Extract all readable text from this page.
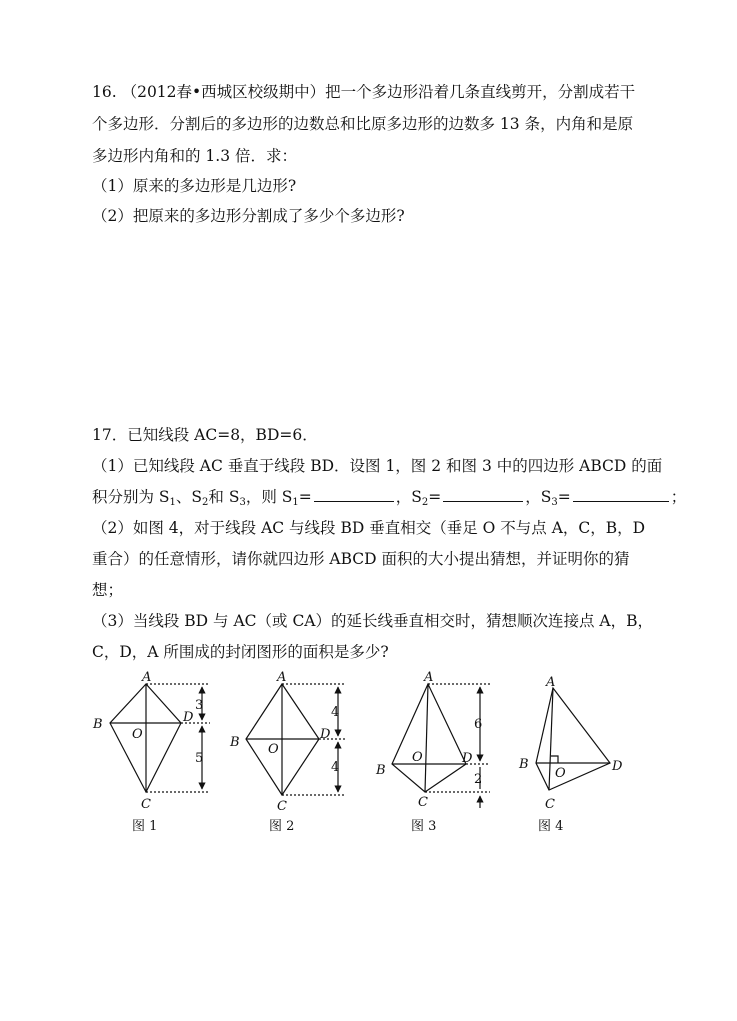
16. （2012春•西城区校级期中）把一个多边形沿着几条直线剪开，分割成若干
个多边形．分割后的多边形的边数总和比原多边形的边数多 13 条，内角和是原
多边形内角和的 1.3 倍．求：
（1）原来的多边形是几边形?
（2）把原来的多边形分割成了多少个多边形?
17．已知线段 AC=8，BD=6．
（1）已知线段 AC 垂直于线段 BD．设图 1，图 2 和图 3 中的四边形 ABCD 的面
积分别为 $S_1$、$S_2$和 $S_3$，则 $S_1=$	，$S_2=$	，$S_3=$	；
（2）如图 4，对于线段 AC 与线段 BD 垂直相交（垂足 O 不与点 A，C，B，D
重合）的任意情形，请你就四边形 ABCD 面积的大小提出猜想，并证明你的猜
想；
（3）当线段 BD 与 AC（或 CA）的延长线垂直相交时，猜想顺次连接点 A，B，
C，D，A 所围成的封闭图形的面积是多少?
A
B	D
O
C
3
5
图 1
A
B
D
O
C
4
4
图 2
A
B
D
O
C
6
2
图 3
A
B	D
O
C
图 4
